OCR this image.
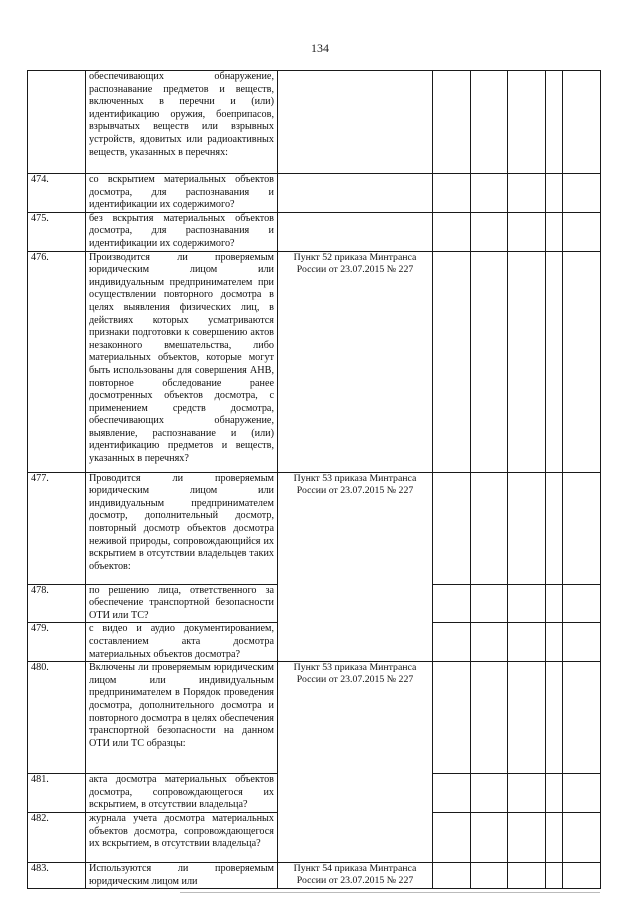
134
	обеспечивающих обнаружение, распознавание предметов и веществ, включенных в перечни и (или) идентификацию оружия, боеприпасов, взрывчатых веществ или взрывных устройств, ядовитых или радиоактивных веществ, указанных в перечнях:						
474.	со вскрытием материальных объектов досмотра, для распознавания и идентификации их содержимого?						
475.	без вскрытия материальных объектов досмотра, для распознавания и идентификации их содержимого?						
476.	Производится ли проверяемым юридическим лицом или индивидуальным предпринимателем при осуществлении повторного досмотра в целях выявления физических лиц, в действиях которых усматриваются признаки подготовки к совершению актов незаконного вмешательства, либо материальных объектов, которые могут быть использованы для совершения АНВ, повторное обследование ранее досмотренных объектов досмотра, с применением средств досмотра, обеспечивающих обнаружение, выявление, распознавание и (или) идентификацию предметов и веществ, указанных в перечнях?	Пункт 52 приказа Минтранса России от 23.07.2015 № 227					
477.	Проводится ли проверяемым юридическим лицом или индивидуальным предпринимателем досмотр, дополнительный досмотр, повторный досмотр объектов досмотра неживой природы, сопровождающийся их вскрытием в отсутствии владельцев таких объектов:	Пункт 53 приказа Минтранса России от 23.07.2015 № 227					
478.	по решению лица, ответственного за обеспечение транспортной безопасности ОТИ или ТС?						
479.	с видео и аудио документированием, составлением акта досмотра материальных объектов досмотра?						
480.	Включены ли проверяемым юридическим лицом или индивидуальным предпринимателем в Порядок проведения досмотра, дополнительного досмотра и повторного досмотра в целях обеспечения транспортной безопасности на данном ОТИ или ТС образцы:	Пункт 53 приказа Минтранса России от 23.07.2015 № 227					
481.	акта досмотра материальных объектов досмотра, сопровождающегося их вскрытием, в отсутствии владельца?						
482.	журнала учета досмотра материальных объектов досмотра, сопровождающегося их вскрытием, в отсутствии владельца?						
483.	Используются ли проверяемым юридическим лицом или	Пункт 54 приказа Минтранса России от 23.07.2015 № 227					
